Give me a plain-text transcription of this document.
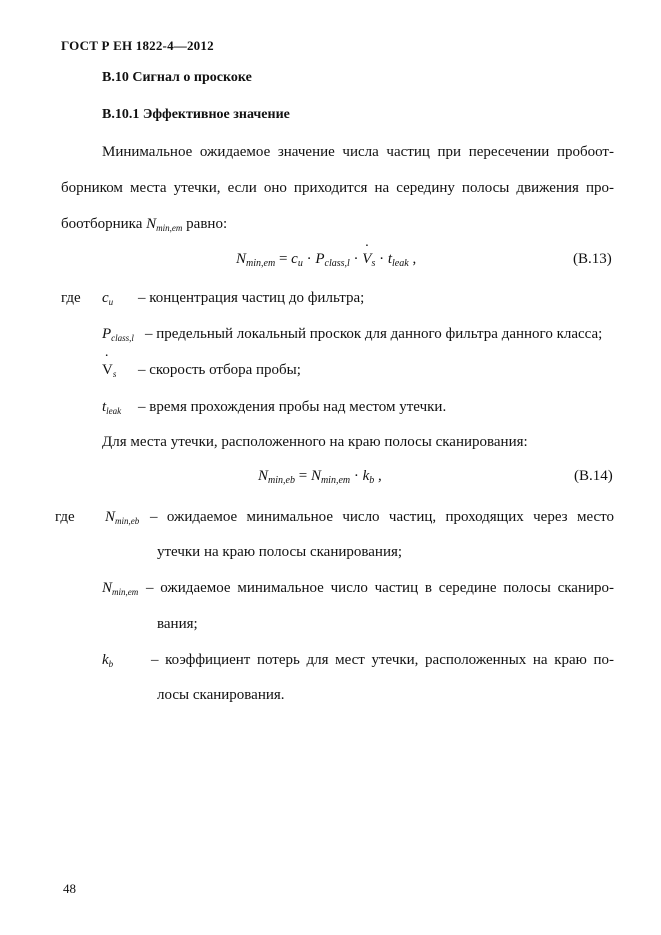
ГОСТ Р ЕН 1822-4—2012
B.10 Сигнал о проскоке
B.10.1 Эффективное значение
Минимальное ожидаемое значение числа частиц при пересечении пробоот-
борником места утечки, если оно приходится на середину полосы движения про-
боотборника $N_{min,em}$ равно:
$N_{min,em} = c_u \cdot P_{class,l}$ · ˙ $V_s \cdot t_{leak}$ ,	(B.13)
где $c_u$ – концентрация частиц до фильтра;
$P_{class,l}$ – предельный локальный проскок для данного фильтра данного класса;
˙ $V_s$ – скорость отбора пробы;
$t_{leak}$ – время прохождения пробы над местом утечки.
Для места утечки, расположенного на краю полосы сканирования:
$N_{min,eb} = N_{min,em} \cdot k_b$ ,	(B.14)
где $N_{min,eb}$ – ожидаемое минимальное число частиц, проходящих через место
утечки на краю полосы сканирования;
$N_{min,em}$ – ожидаемое минимальное число частиц в середине полосы сканиро-
вания;
$k_b$	– коэффициент потерь для мест утечки, расположенных на краю по-
лосы сканирования.
48
